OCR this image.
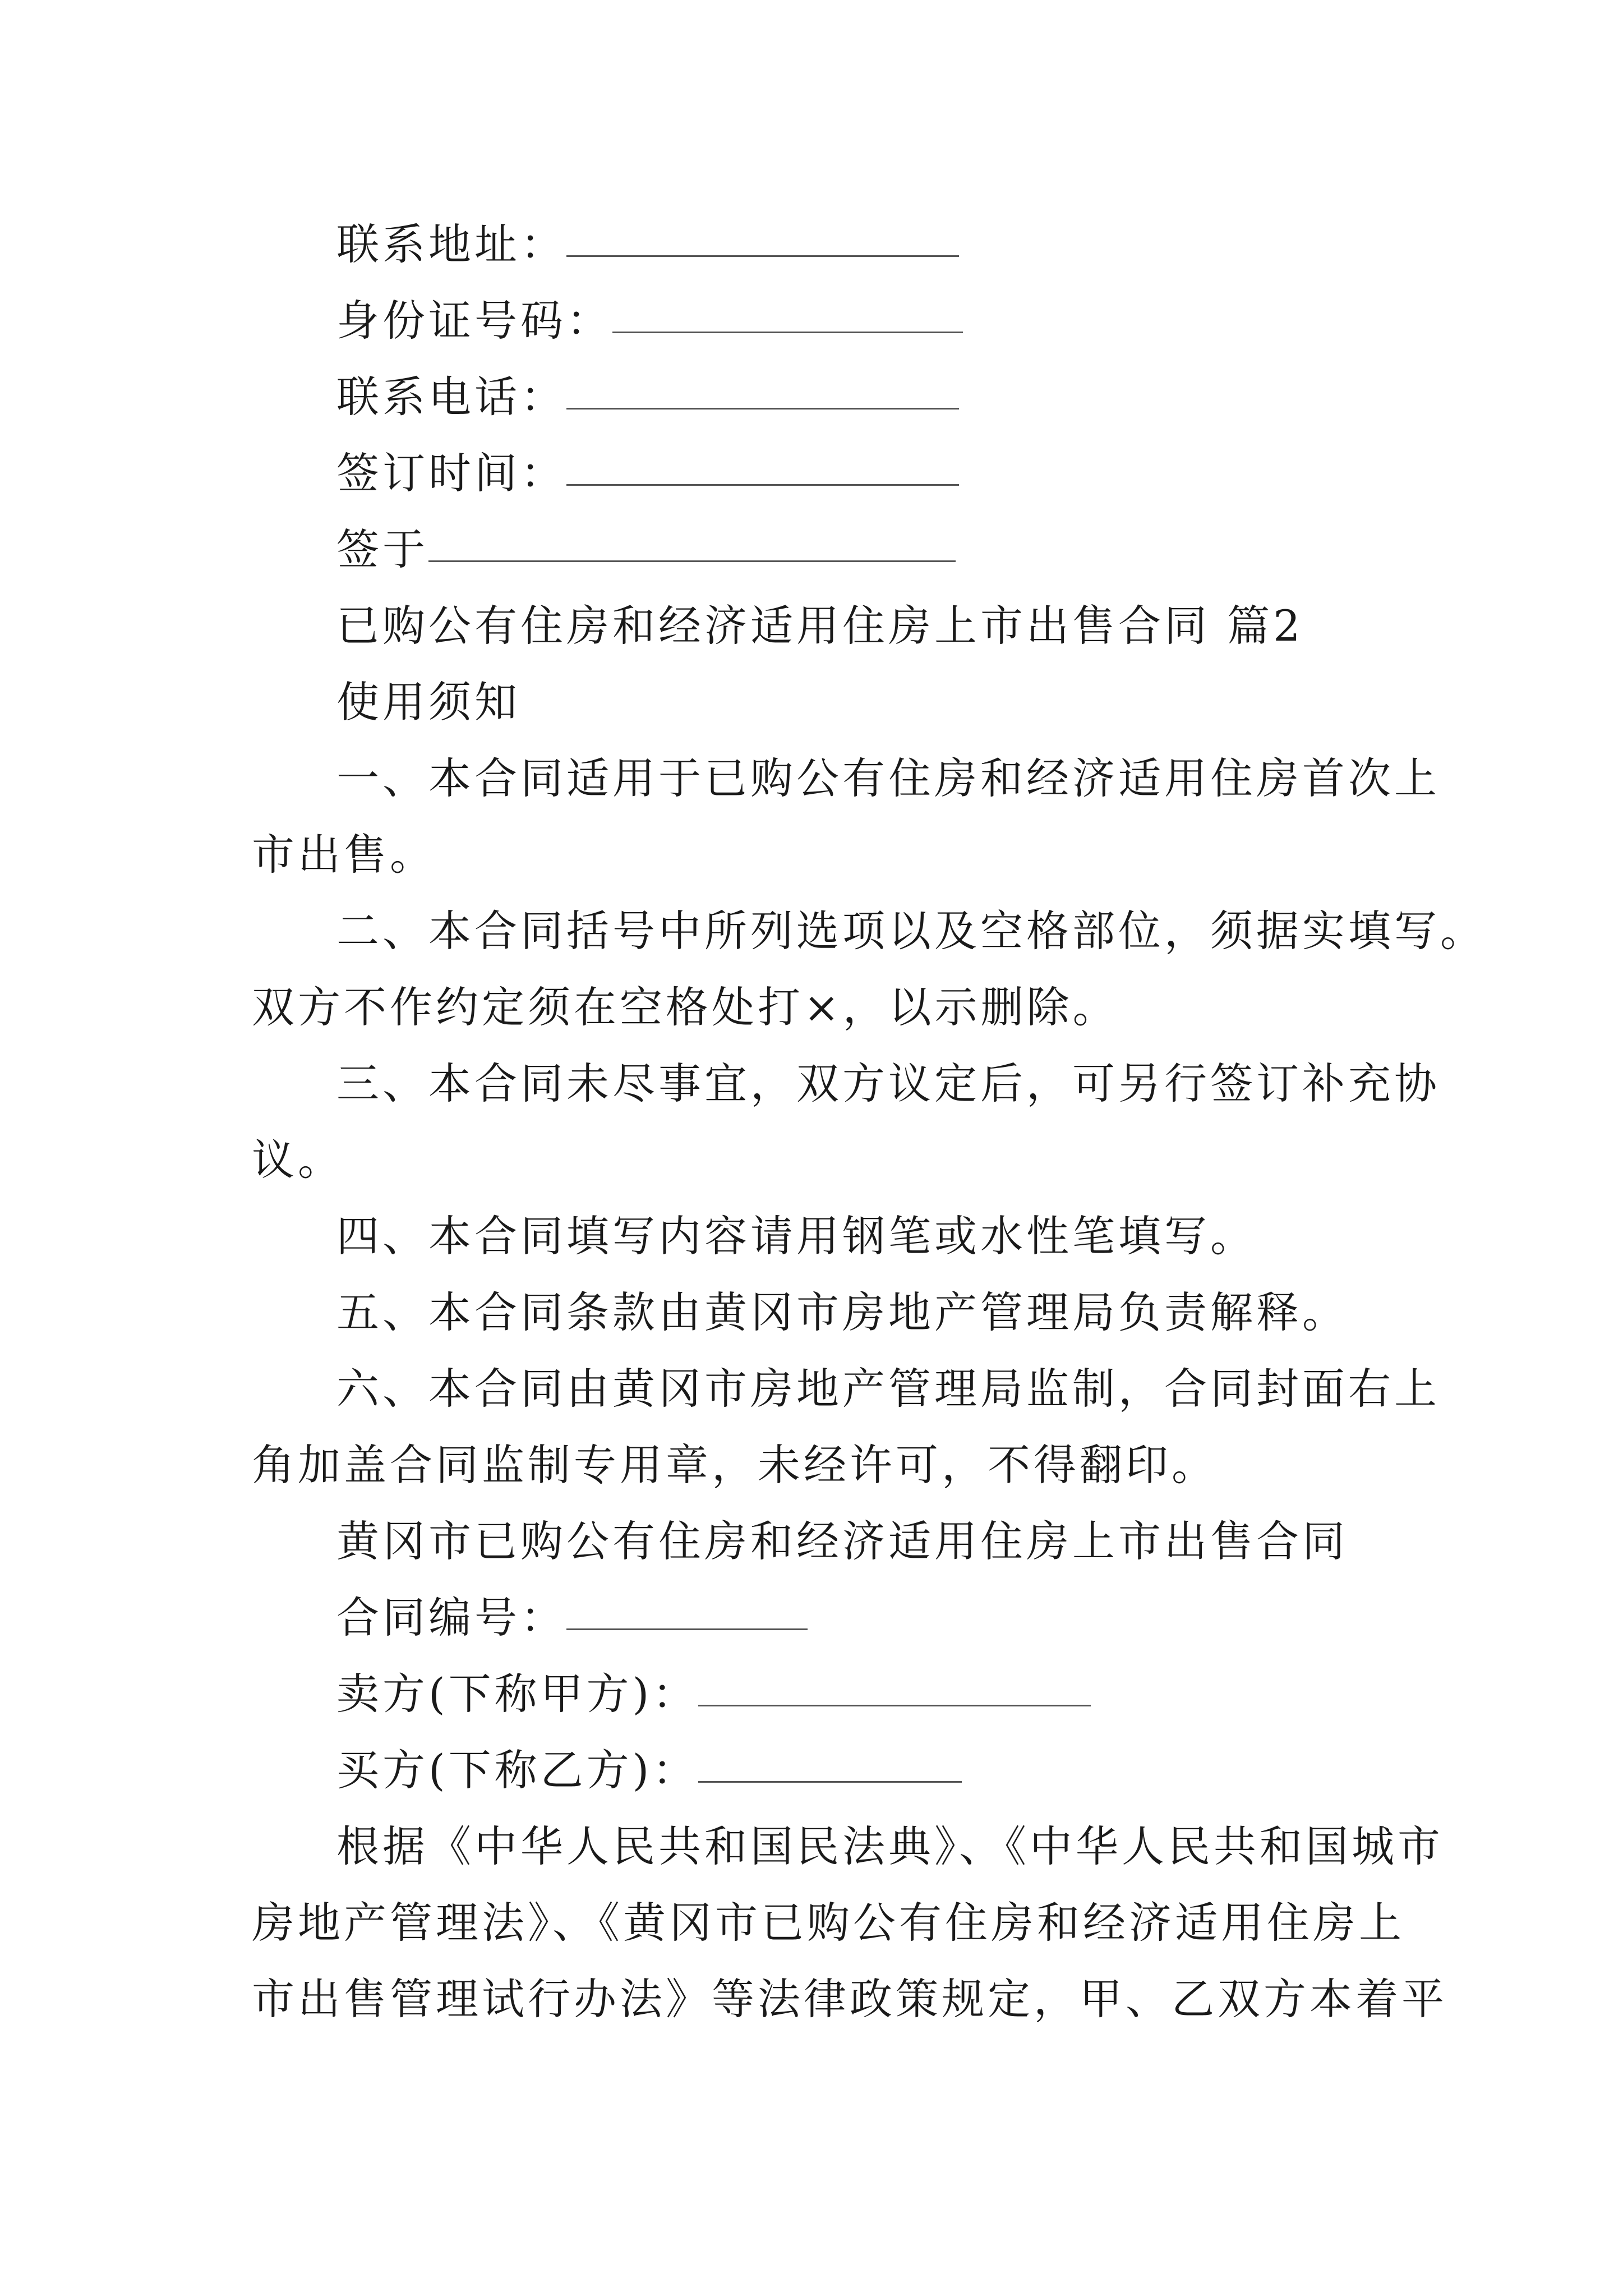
联系地址：
身份证号码：
联系电话：
签订时间：
签于
已购公有住房和经济适用住房上市出售合同 篇2
使用须知
一、本合同适用于已购公有住房和经济适用住房首次上
市出售。
二、本合同括号中所列选项以及空格部位，须据实填写。
双方不作约定须在空格处打×，以示删除。
三、本合同未尽事宜，双方议定后，可另行签订补充协
议。
四、本合同填写内容请用钢笔或水性笔填写。
五、本合同条款由黄冈市房地产管理局负责解释。
六、本合同由黄冈市房地产管理局监制，合同封面右上
角加盖合同监制专用章，未经许可，不得翻印。
黄冈市已购公有住房和经济适用住房上市出售合同
合同编号：
卖方(下称甲方)：
买方(下称乙方)：
根据《中华人民共和国民法典》、《中华人民共和国城市
房地产管理法》、《黄冈市已购公有住房和经济适用住房上
市出售管理试行办法》等法律政策规定，甲、乙双方本着平
